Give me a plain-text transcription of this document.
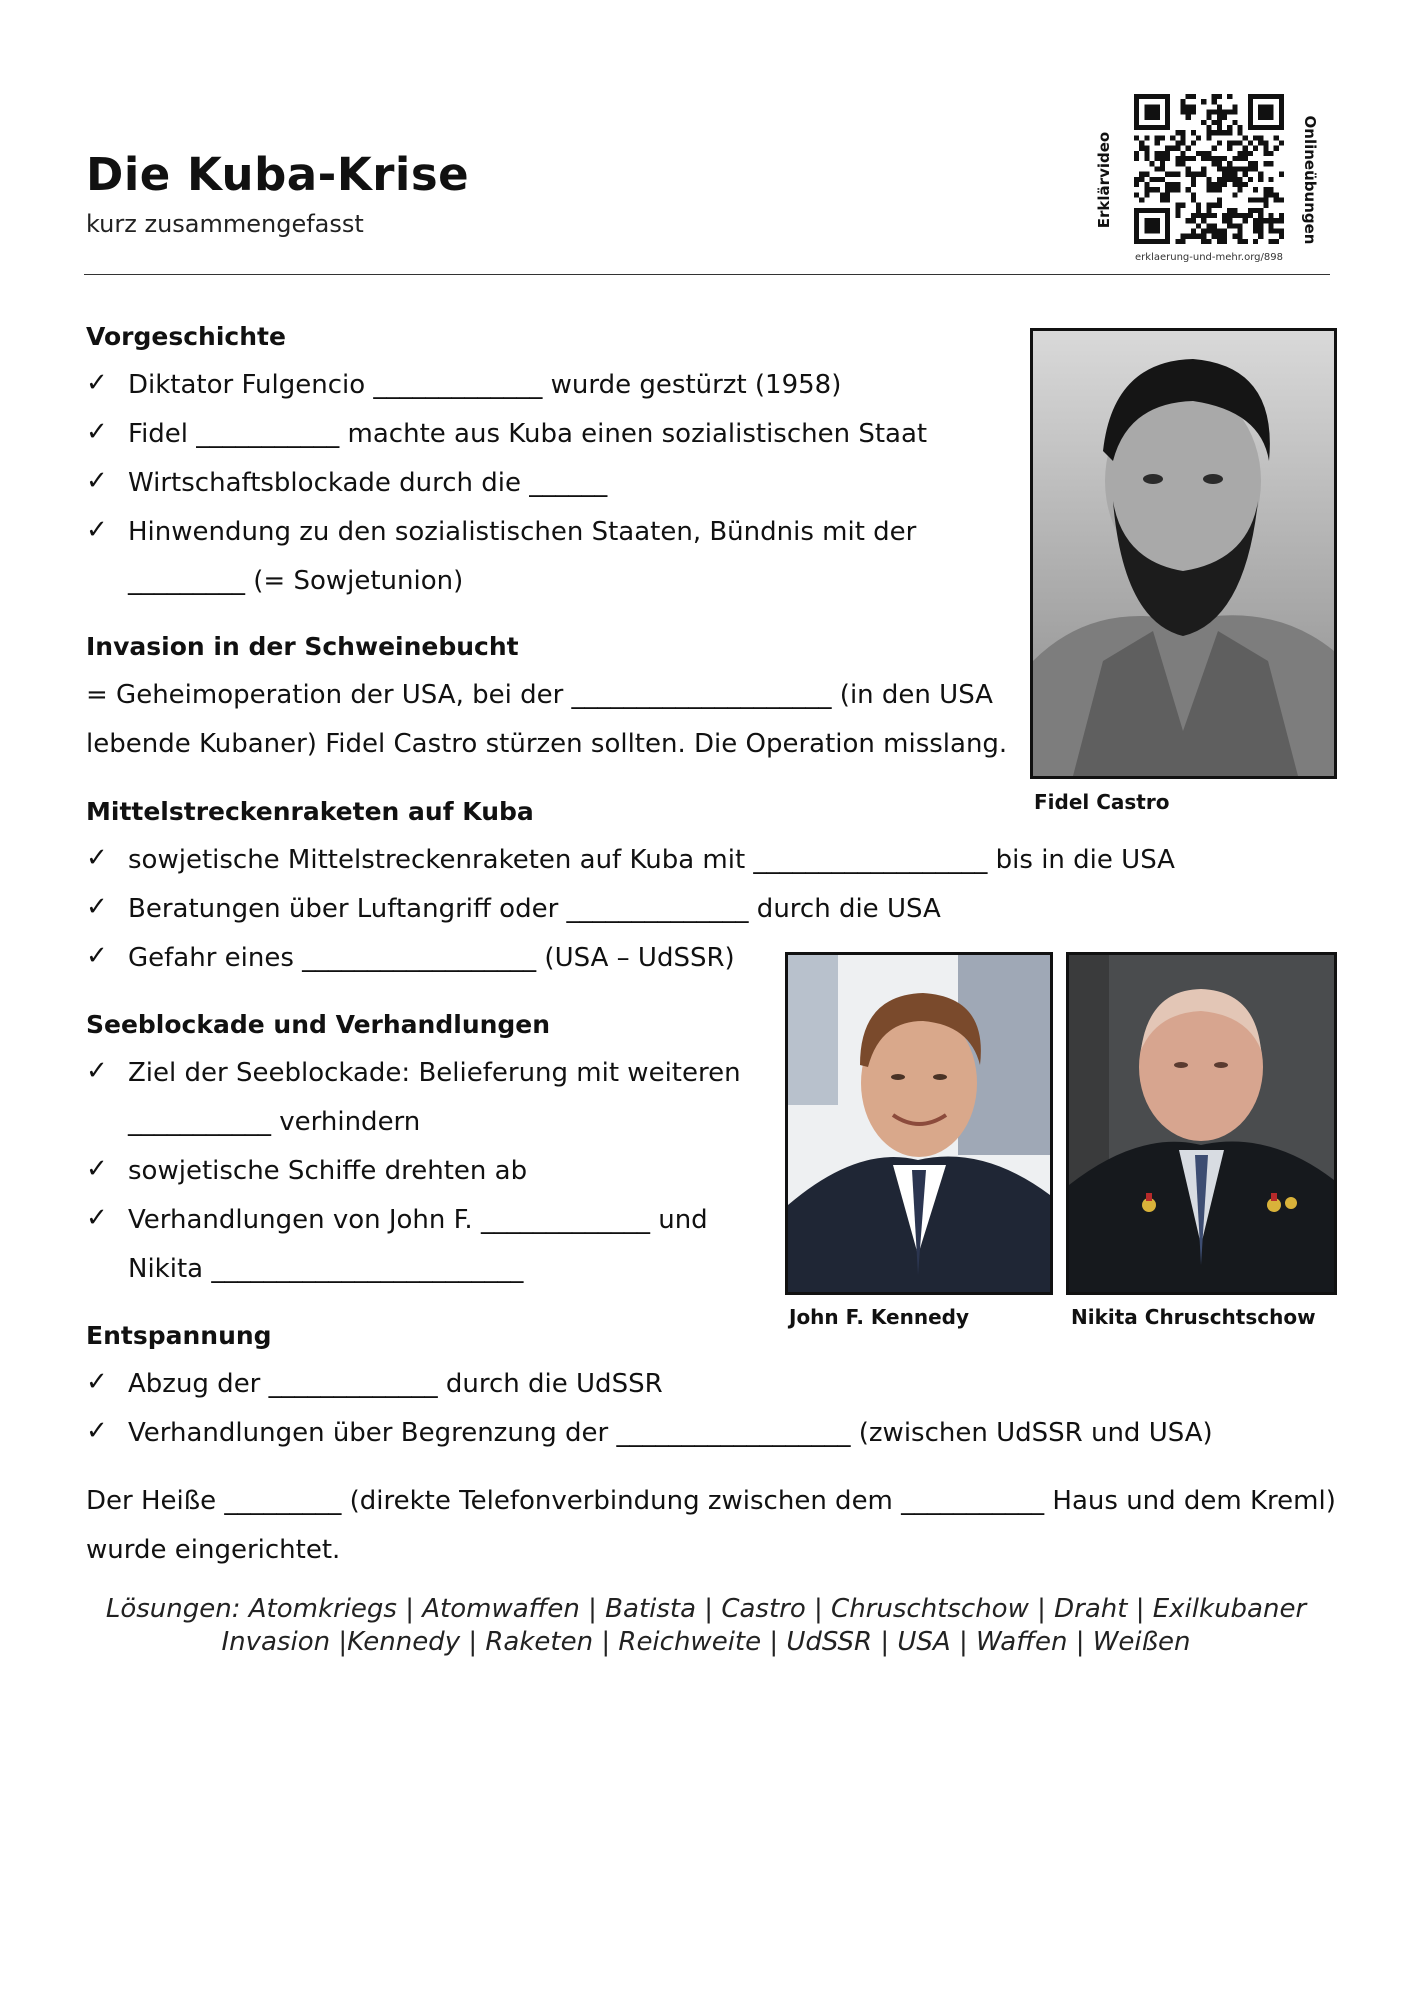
Die Kuba-Krise
kurz zusammengefasst	Erklärvideo	Onlineübungen
erklaerung-und-mehr.org/898
Vorgeschichte
✓ Diktator Fulgencio _____________ wurde gestürzt (1958)
✓ Fidel ___________ machte aus Kuba einen sozialistischen Staat
✓ Wirtschaftsblockade durch die ______
✓ Hinwendung zu den sozialistischen Staaten, Bündnis mit der
_________ (= Sowjetunion)
Invasion in der Schweinebucht
= Geheimoperation der USA, bei der ____________________ (in den USA
lebende Kubaner) Fidel Castro stürzen sollten. Die Operation misslang.
Mittelstreckenraketen auf Kuba
✓ sowjetische Mittelstreckenraketen auf Kuba mit __________________ bis in die USA
✓ Beratungen über Luftangriff oder ______________ durch die USA
✓ Gefahr eines __________________ (USA – UdSSR)
Seeblockade und Verhandlungen
✓ Ziel der Seeblockade: Belieferung mit weiteren
___________ verhindern
✓ sowjetische Schiffe drehten ab
✓ Verhandlungen von John F. _____________ und
Nikita ________________________
Entspannung
✓ Abzug der _____________ durch die UdSSR
✓ Verhandlungen über Begrenzung der __________________ (zwischen UdSSR und USA)
Der Heiße _________ (direkte Telefonverbindung zwischen dem ___________ Haus und dem Kreml)
wurde eingerichtet.
Fidel Castro
John F. Kennedy	Nikita Chruschtschow
Lösungen: Atomkriegs | Atomwaffen | Batista | Castro | Chruschtschow | Draht | Exilkubaner
Invasion |Kennedy | Raketen | Reichweite | UdSSR | USA | Waffen | Weißen
